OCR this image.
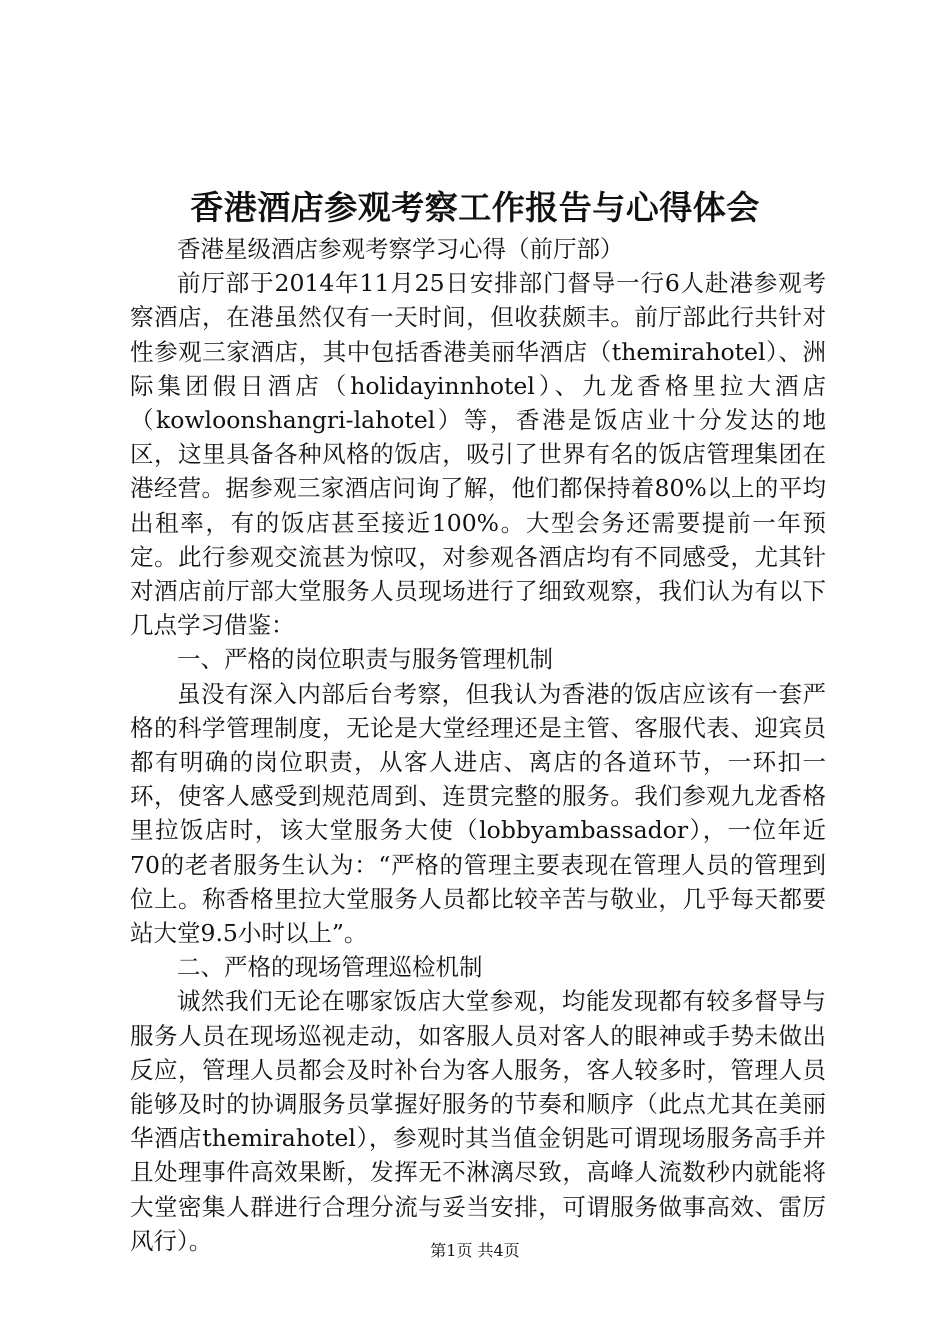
香港酒店参观考察工作报告与心得体会

香港星级酒店参观考察学习心得（前厅部）

前厅部于2014年11月25日安排部门督导一行6人赴港参观考察酒店，在港虽然仅有一天时间，但收获颇丰。前厅部此行共针对性参观三家酒店，其中包括香港美丽华酒店（themirahotel）、洲际集团假日酒店（holidayinnhotel）、九龙香格里拉大酒店（kowloonshangri-lahotel）等，香港是饭店业十分发达的地区，这里具备各种风格的饭店，吸引了世界有名的饭店管理集团在港经营。据参观三家酒店问询了解，他们都保持着80%以上的平均出租率，有的饭店甚至接近100%。大型会务还需要提前一年预定。此行参观交流甚为惊叹，对参观各酒店均有不同感受，尤其针对酒店前厅部大堂服务人员现场进行了细致观察，我们认为有以下几点学习借鉴：

一、严格的岗位职责与服务管理机制

虽没有深入内部后台考察，但我认为香港的饭店应该有一套严格的科学管理制度，无论是大堂经理还是主管、客服代表、迎宾员都有明确的岗位职责，从客人进店、离店的各道环节，一环扣一环，使客人感受到规范周到、连贯完整的服务。我们参观九龙香格里拉饭店时，该大堂服务大使（lobbyambassador），一位年近70的老者服务生认为：“严格的管理主要表现在管理人员的管理到位上。称香格里拉大堂服务人员都比较辛苦与敬业，几乎每天都要站大堂9.5小时以上”。

二、严格的现场管理巡检机制

诚然我们无论在哪家饭店大堂参观，均能发现都有较多督导与服务人员在现场巡视走动，如客服人员对客人的眼神或手势未做出反应，管理人员都会及时补台为客人服务，客人较多时，管理人员能够及时的协调服务员掌握好服务的节奏和顺序（此点尤其在美丽华酒店themirahotel），参观时其当值金钥匙可谓现场服务高手并且处理事件高效果断，发挥无不淋漓尽致，高峰人流数秒内就能将大堂密集人群进行合理分流与妥当安排，可谓服务做事高效、雷厉风行）。	第1页 共4页
